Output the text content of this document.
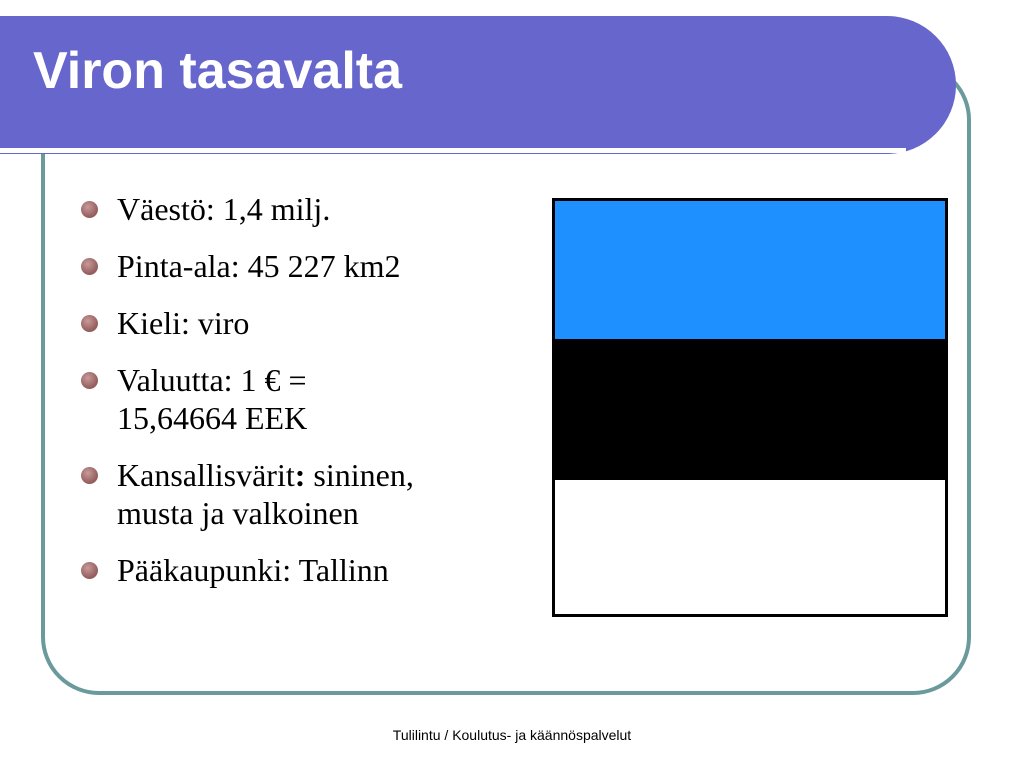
Viron tasavalta
Väestö: 1,4 milj.
Pinta-ala: 45 227 km2
Kieli: viro
Valuutta: 1 € =
15,64664 EEK
Kansallisvärit: sininen,
musta ja valkoinen
Pääkaupunki: Tallinn
Tulilintu / Koulutus- ja käännöspalvelut
